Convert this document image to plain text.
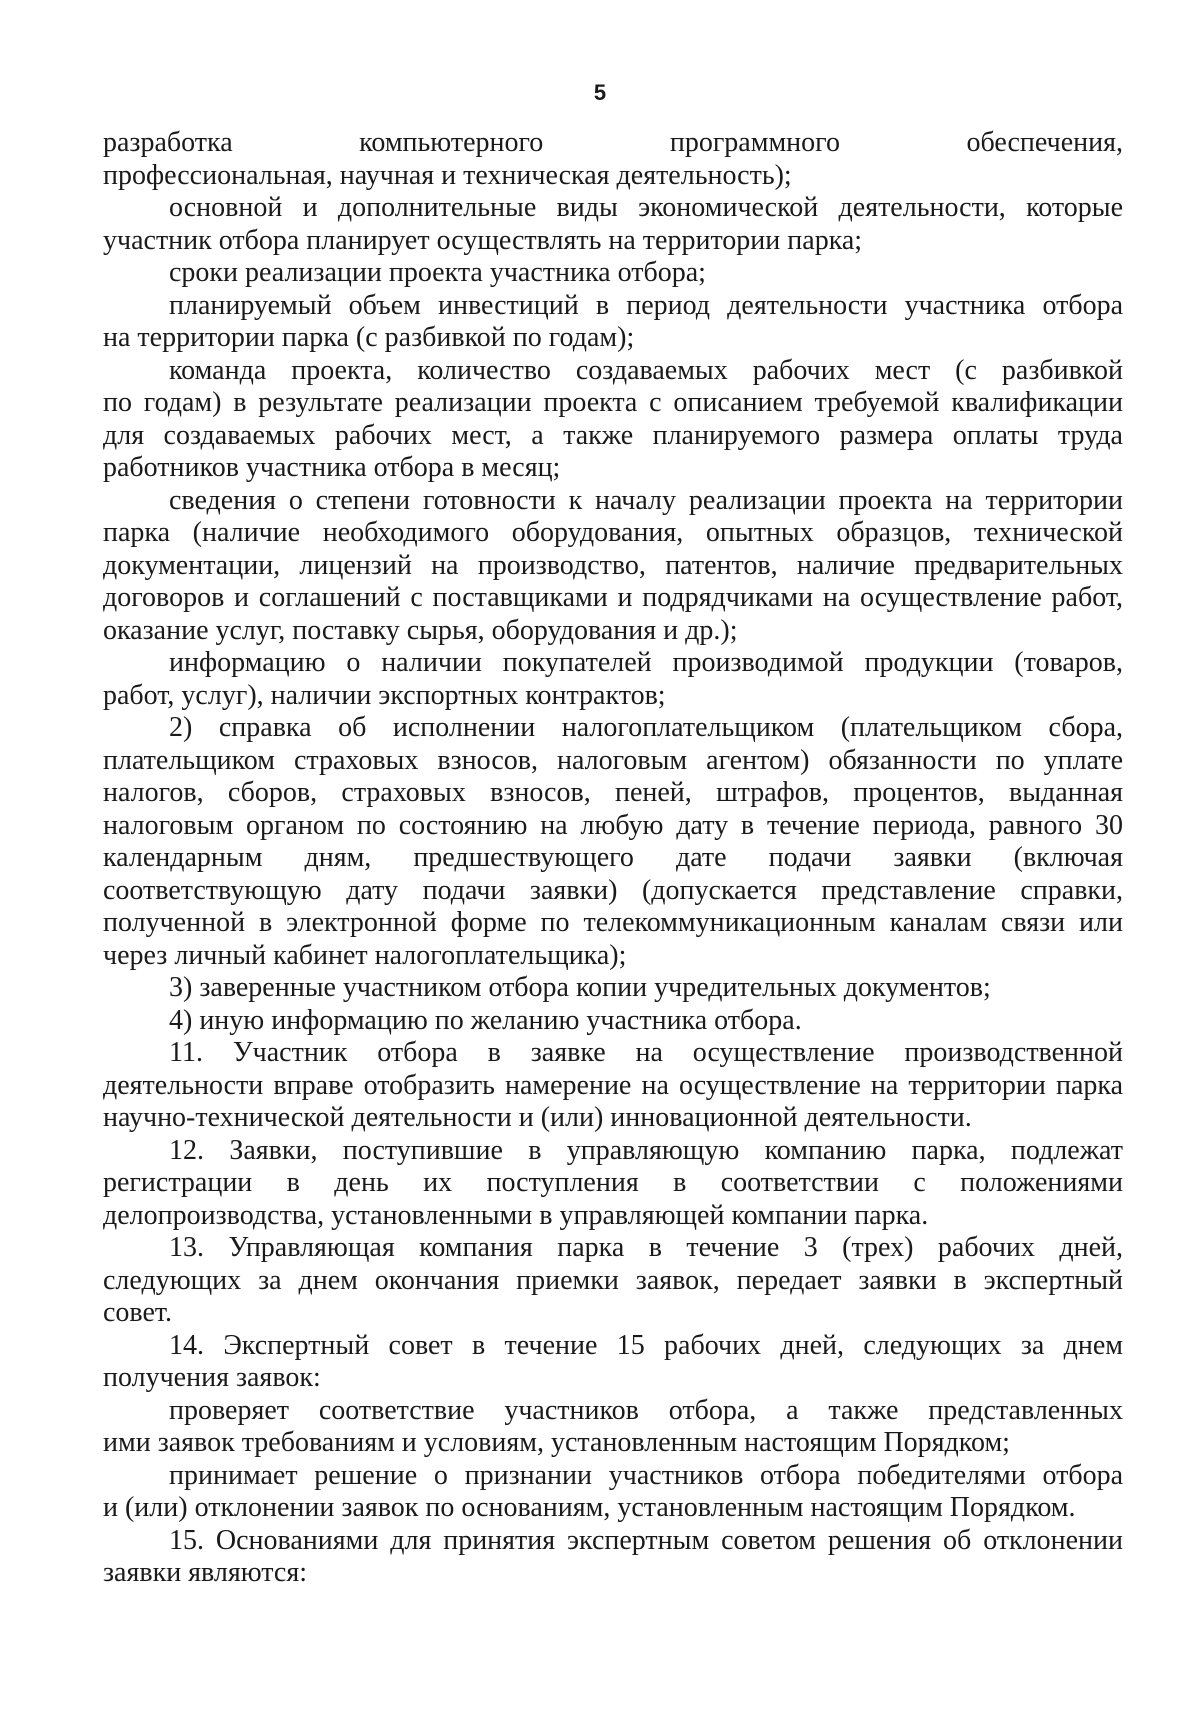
5
разработка компьютерного программного обеспечения,
профессиональная, научная и техническая деятельность);
основной и дополнительные виды экономической деятельности, которые
участник отбора планирует осуществлять на территории парка;
сроки реализации проекта участника отбора;
планируемый объем инвестиций в период деятельности участника отбора
на территории парка (с разбивкой по годам);
команда проекта, количество создаваемых рабочих мест (с разбивкой
по годам) в результате реализации проекта с описанием требуемой квалификации
для создаваемых рабочих мест, а также планируемого размера оплаты труда
работников участника отбора в месяц;
сведения о степени готовности к началу реализации проекта на территории
парка (наличие необходимого оборудования, опытных образцов, технической
документации, лицензий на производство, патентов, наличие предварительных
договоров и соглашений с поставщиками и подрядчиками на осуществление работ,
оказание услуг, поставку сырья, оборудования и др.);
информацию о наличии покупателей производимой продукции (товаров,
работ, услуг), наличии экспортных контрактов;
2) справка об исполнении налогоплательщиком (плательщиком сбора,
плательщиком страховых взносов, налоговым агентом) обязанности по уплате
налогов, сборов, страховых взносов, пеней, штрафов, процентов, выданная
налоговым органом по состоянию на любую дату в течение периода, равного 30
календарным дням, предшествующего дате подачи заявки (включая
соответствующую дату подачи заявки) (допускается представление справки,
полученной в электронной форме по телекоммуникационным каналам связи или
через личный кабинет налогоплательщика);
3) заверенные участником отбора копии учредительных документов;
4) иную информацию по желанию участника отбора.
11. Участник отбора в заявке на осуществление производственной
деятельности вправе отобразить намерение на осуществление на территории парка
научно-технической деятельности и (или) инновационной деятельности.
12. Заявки, поступившие в управляющую компанию парка, подлежат
регистрации в день их поступления в соответствии с положениями
делопроизводства, установленными в управляющей компании парка.
13. Управляющая компания парка в течение 3 (трех) рабочих дней,
следующих за днем окончания приемки заявок, передает заявки в экспертный
совет.
14. Экспертный совет в течение 15 рабочих дней, следующих за днем
получения заявок:
проверяет соответствие участников отбора, а также представленных
ими заявок требованиям и условиям, установленным настоящим Порядком;
принимает решение о признании участников отбора победителями отбора
и (или) отклонении заявок по основаниям, установленным настоящим Порядком.
15. Основаниями для принятия экспертным советом решения об отклонении
заявки являются:
